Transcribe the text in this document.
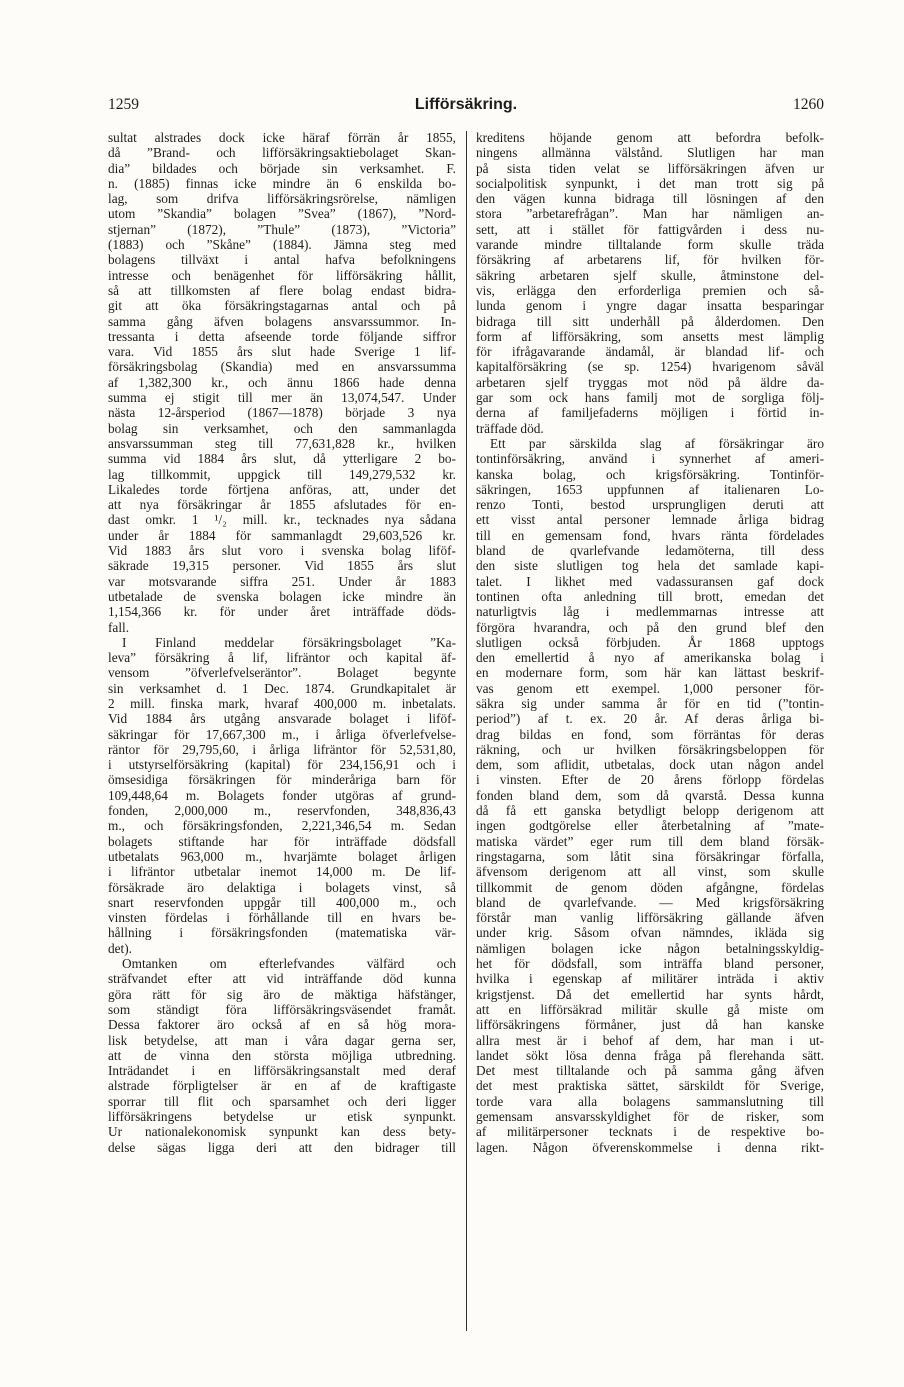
1259	Lifförsäkring.	1260
sultat alstrades dock icke häraf förrän år 1855,
då ”Brand- och lifförsäkringsaktiebolaget Skan-
dia” bildades och började sin verksamhet. F.
n. (1885) finnas icke mindre än 6 enskilda bo-
lag, som drifva lifförsäkringsrörelse, nämligen
utom ”Skandia” bolagen ”Svea” (1867), ”Nord-
stjernan” (1872), ”Thule” (1873), ”Victoria”
(1883) och ”Skåne” (1884). Jämna steg med
bolagens tillväxt i antal hafva befolkningens
intresse och benägenhet för lifförsäkring hållit,
så att tillkomsten af flere bolag endast bidra-
git att öka försäkringstagarnas antal och på
samma gång äfven bolagens ansvarssummor. In-
tressanta i detta afseende torde följande siffror
vara. Vid 1855 års slut hade Sverige 1 lif-
försäkringsbolag (Skandia) med en ansvarssumma
af 1,382,300 kr., och ännu 1866 hade denna
summa ej stigit till mer än 13,074,547. Under
nästa 12-årsperiod (1867—1878) började 3 nya
bolag sin verksamhet, och den sammanlagda
ansvarssumman steg till 77,631,828 kr., hvilken
summa vid 1884 års slut, då ytterligare 2 bo-
lag tillkommit, uppgick till 149,279,532 kr.
Likaledes torde förtjena anföras, att, under det
att nya försäkringar år 1855 afslutades för en-
dast omkr. 1 ¹/₂ mill. kr., tecknades nya sådana
under år 1884 för sammanlagdt 29,603,526 kr.
Vid 1883 års slut voro i svenska bolag liföf-
säkrade 19,315 personer. Vid 1855 års slut
var motsvarande siffra 251. Under år 1883
utbetalade de svenska bolagen icke mindre än
1,154,366 kr. för under året inträffade döds-
fall.
I Finland meddelar försäkringsbolaget ”Ka-
leva” försäkring å lif, lifräntor och kapital äf-
vensom ”öfverlefvelseräntor”. Bolaget begynte
sin verksamhet d. 1 Dec. 1874. Grundkapitalet är
2 mill. finska mark, hvaraf 400,000 m. inbetalats.
Vid 1884 års utgång ansvarade bolaget i liföf-
säkringar för 17,667,300 m., i årliga öfverlefvelse-
räntor för 29,795,60, i årliga lifräntor för 52,531,80,
i utstyrselförsäkring (kapital) för 234,156,91 och i
ömsesidiga försäkringen för minderåriga barn för
109,448,64 m. Bolagets fonder utgöras af grund-
fonden, 2,000,000 m., reservfonden, 348,836,43
m., och försäkringsfonden, 2,221,346,54 m. Sedan
bolagets stiftande har för inträffade dödsfall
utbetalats 963,000 m., hvarjämte bolaget årligen
i lifräntor utbetalar inemot 14,000 m. De lif-
försäkrade äro delaktiga i bolagets vinst, så
snart reservfonden uppgår till 400,000 m., och
vinsten fördelas i förhållande till en hvars be-
hållning i försäkringsfonden (matematiska vär-
det).
Omtanken om efterlefvandes välfärd och
sträfvandet efter att vid inträffande död kunna
göra rätt för sig äro de mäktiga häfstänger,
som ständigt föra lifförsäkringsväsendet framåt.
Dessa faktorer äro också af en så hög mora-
lisk betydelse, att man i våra dagar gerna ser,
att de vinna den största möjliga utbredning.
Inträdandet i en lifförsäkringsanstalt med deraf
alstrade förpligtelser är en af de kraftigaste
sporrar till flit och sparsamhet och deri ligger
lifförsäkringens betydelse ur etisk synpunkt.
Ur nationalekonomisk synpunkt kan dess bety-
delse sägas ligga deri att den bidrager till
kreditens höjande genom att befordra befolk-
ningens allmänna välstånd. Slutligen har man
på sista tiden velat se lifförsäkringen äfven ur
socialpolitisk synpunkt, i det man trott sig på
den vägen kunna bidraga till lösningen af den
stora ”arbetarefrågan”. Man har nämligen an-
sett, att i stället för fattigvården i dess nu-
varande mindre tilltalande form skulle träda
försäkring af arbetarens lif, för hvilken för-
säkring arbetaren sjelf skulle, åtminstone del-
vis, erlägga den erforderliga premien och så-
lunda genom i yngre dagar insatta besparingar
bidraga till sitt underhåll på ålderdomen. Den
form af lifförsäkring, som ansetts mest lämplig
för ifrågavarande ändamål, är blandad lif- och
kapitalförsäkring (se sp. 1254) hvarigenom såväl
arbetaren sjelf tryggas mot nöd på äldre da-
gar som ock hans familj mot de sorgliga följ-
derna af familjefaderns möjligen i förtid in-
träffade död.
Ett par särskilda slag af försäkringar äro
tontinförsäkring, använd i synnerhet af ameri-
kanska bolag, och krigsförsäkring. Tontinför-
säkringen, 1653 uppfunnen af italienaren Lo-
renzo Tonti, bestod ursprungligen deruti att
ett visst antal personer lemnade årliga bidrag
till en gemensam fond, hvars ränta fördelades
bland de qvarlefvande ledamöterna, till dess
den siste slutligen tog hela det samlade kapi-
talet. I likhet med vadassuransen gaf dock
tontinen ofta anledning till brott, emedan det
naturligtvis låg i medlemmarnas intresse att
förgöra hvarandra, och på den grund blef den
slutligen också förbjuden. År 1868 upptogs
den emellertid å nyo af amerikanska bolag i
en modernare form, som här kan lättast beskrif-
vas genom ett exempel. 1,000 personer för-
säkra sig under samma år för en tid (”tontin-
period”) af t. ex. 20 år. Af deras årliga bi-
drag bildas en fond, som förräntas för deras
räkning, och ur hvilken försäkringsbeloppen för
dem, som aflidit, utbetalas, dock utan någon andel
i vinsten. Efter de 20 årens förlopp fördelas
fonden bland dem, som då qvarstå. Dessa kunna
då få ett ganska betydligt belopp derigenom att
ingen godtgörelse eller återbetalning af ”mate-
matiska värdet” eger rum till dem bland försäk-
ringstagarna, som låtit sina försäkringar förfalla,
äfvensom derigenom att all vinst, som skulle
tillkommit de genom döden afgångne, fördelas
bland de qvarlefvande. — Med krigsförsäkring
förstår man vanlig lifförsäkring gällande äfven
under krig. Såsom ofvan nämndes, ikläda sig
nämligen bolagen icke någon betalningsskyldig-
het för dödsfall, som inträffa bland personer,
hvilka i egenskap af militärer inträda i aktiv
krigstjenst. Då det emellertid har synts hårdt,
att en lifförsäkrad militär skulle gå miste om
lifförsäkringens förmåner, just då han kanske
allra mest är i behof af dem, har man i ut-
landet sökt lösa denna fråga på flerehanda sätt.
Det mest tilltalande och på samma gång äfven
det mest praktiska sättet, särskildt för Sverige,
torde vara alla bolagens sammanslutning till
gemensam ansvarsskyldighet för de risker, som
af militärpersoner tecknats i de respektive bo-
lagen. Någon öfverenskommelse i denna rikt-
